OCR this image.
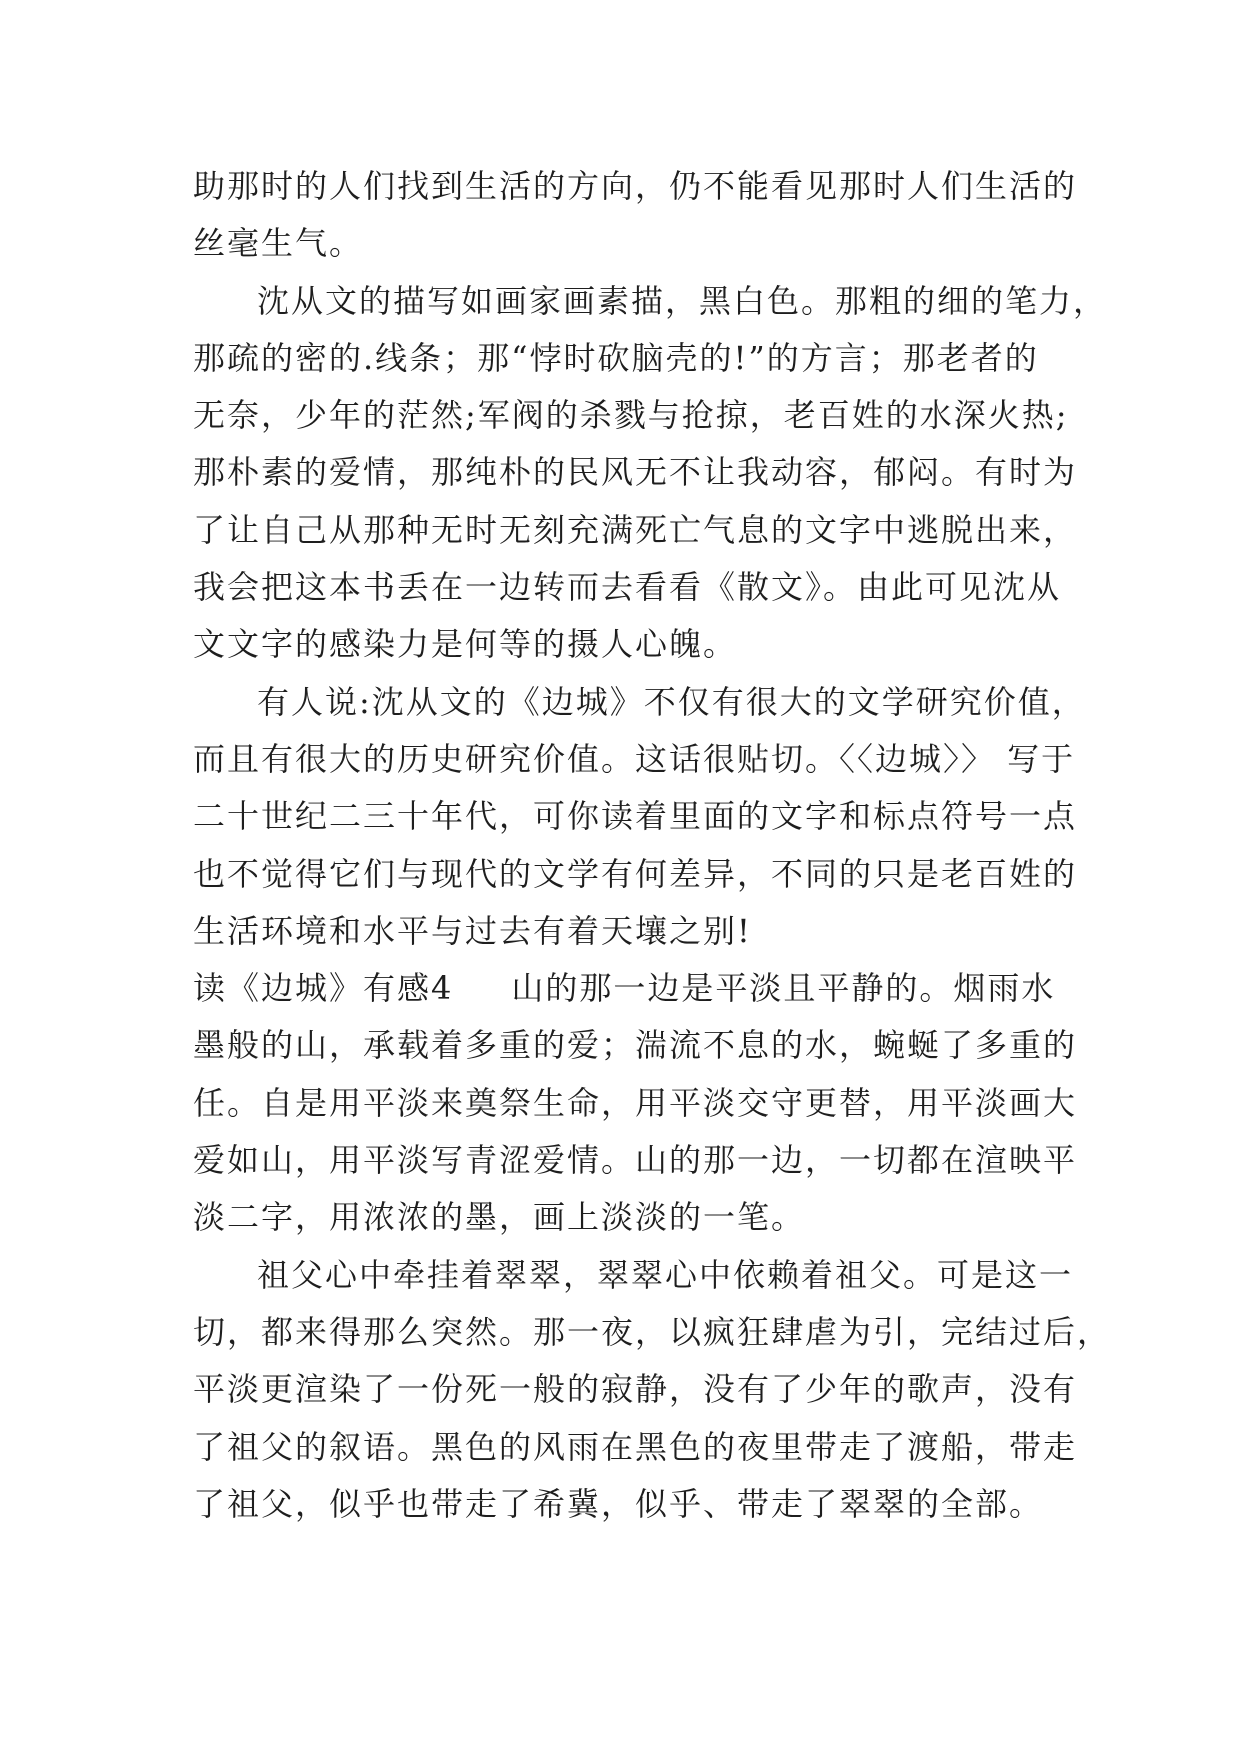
助那时的人们找到生活的方向，仍不能看见那时人们生活的
丝毫生气。
沈从文的描写如画家画素描，黑白色。那粗的细的笔力，
那疏的密的.线条；那“悖时砍脑壳的!”的方言；那老者的
无奈，少年的茫然;军阀的杀戮与抢掠，老百姓的水深火热;
那朴素的爱情，那纯朴的民风无不让我动容，郁闷。有时为
了让自己从那种无时无刻充满死亡气息的文字中逃脱出来，
我会把这本书丢在一边转而去看看《散文》。由此可见沈从
文文字的感染力是何等的摄人心魄。
有人说:沈从文的《边城》不仅有很大的文学研究价值，
而且有很大的历史研究价值。这话很贴切。〈〈边城〉〉 写于
二十世纪二三十年代，可你读着里面的文字和标点符号一点
也不觉得它们与现代的文学有何差异，不同的只是老百姓的
生活环境和水平与过去有着天壤之别!
读《边城》有感4 山的那一边是平淡且平静的。烟雨水
墨般的山，承载着多重的爱；湍流不息的水，蜿蜒了多重的
任。自是用平淡来奠祭生命，用平淡交守更替，用平淡画大
爱如山，用平淡写青涩爱情。山的那一边，一切都在渲映平
淡二字，用浓浓的墨，画上淡淡的一笔。
祖父心中牵挂着翠翠，翠翠心中依赖着祖父。可是这一
切，都来得那么突然。那一夜，以疯狂肆虐为引，完结过后，
平淡更渲染了一份死一般的寂静，没有了少年的歌声，没有
了祖父的叙语。黑色的风雨在黑色的夜里带走了渡船，带走
了祖父，似乎也带走了希冀，似乎、带走了翠翠的全部。
